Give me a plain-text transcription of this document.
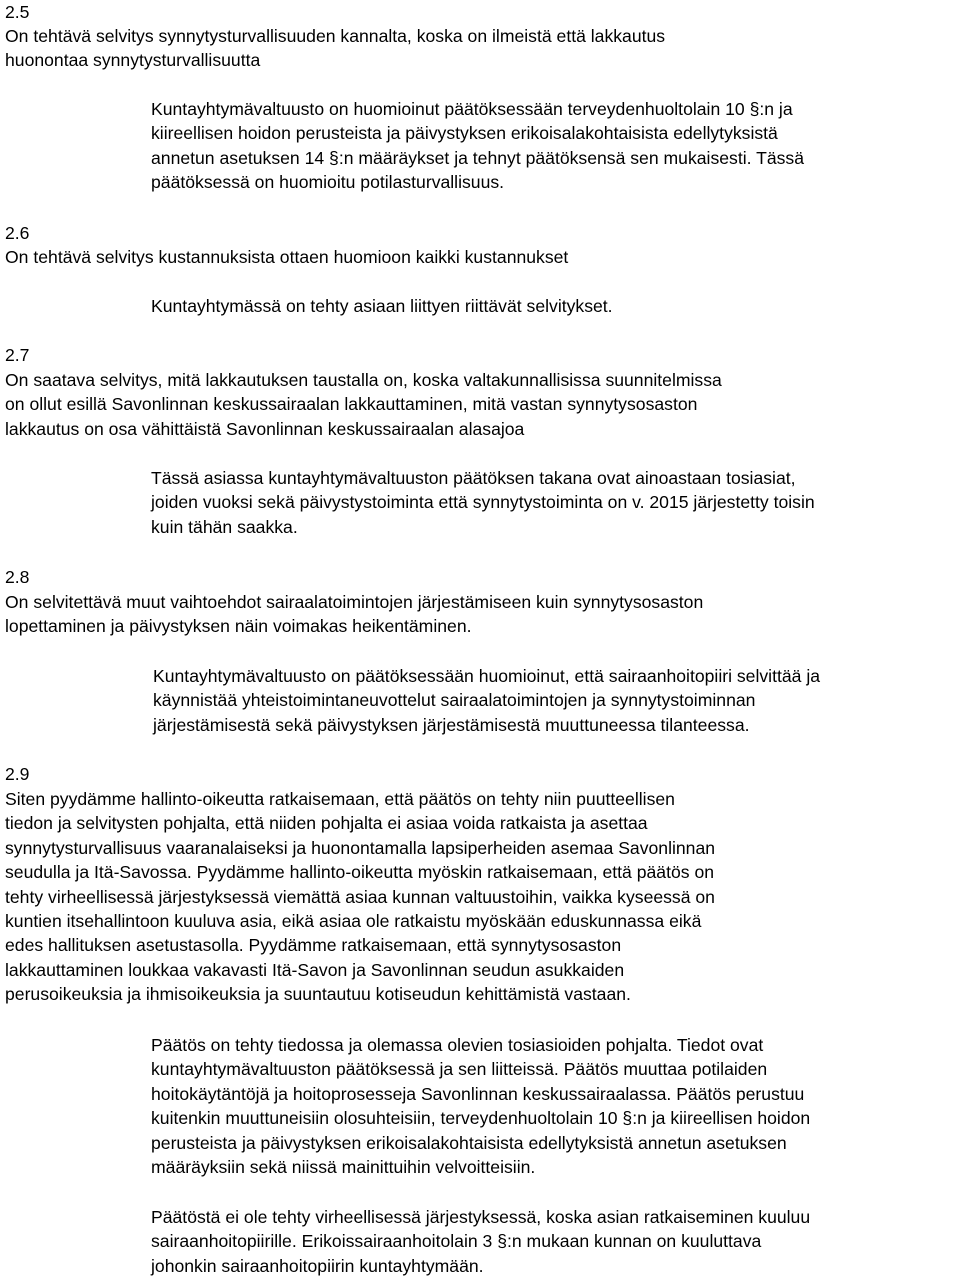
2.5
On tehtävä selvitys synnytysturvallisuuden kannalta, koska on ilmeistä että lakkautus
huonontaa synnytysturvallisuutta
Kuntayhtymävaltuusto on huomioinut päätöksessään terveydenhuoltolain 10 §:n ja
kiireellisen hoidon perusteista ja päivystyksen erikoisalakohtaisista edellytyksistä
annetun asetuksen 14 §:n määräykset ja tehnyt päätöksensä sen mukaisesti. Tässä
päätöksessä on huomioitu potilasturvallisuus.
2.6
On tehtävä selvitys kustannuksista ottaen huomioon kaikki kustannukset
Kuntayhtymässä on tehty asiaan liittyen riittävät selvitykset.
2.7
On saatava selvitys, mitä lakkautuksen taustalla on, koska valtakunnallisissa suunnitelmissa
on ollut esillä Savonlinnan keskussairaalan lakkauttaminen, mitä vastan synnytysosaston
lakkautus on osa vähittäistä Savonlinnan keskussairaalan alasajoa
Tässä asiassa kuntayhtymävaltuuston päätöksen takana ovat ainoastaan tosiasiat,
joiden vuoksi sekä päivystystoiminta että synnytystoiminta on v. 2015 järjestetty toisin
kuin tähän saakka.
2.8
On selvitettävä muut vaihtoehdot sairaalatoimintojen järjestämiseen kuin synnytysosaston
lopettaminen ja päivystyksen näin voimakas heikentäminen.
Kuntayhtymävaltuusto on päätöksessään huomioinut, että sairaanhoitopiiri selvittää ja
käynnistää yhteistoimintaneuvottelut sairaalatoimintojen ja synnytystoiminnan
järjestämisestä sekä päivystyksen järjestämisestä muuttuneessa tilanteessa.
2.9
Siten pyydämme hallinto-oikeutta ratkaisemaan, että päätös on tehty niin puutteellisen
tiedon ja selvitysten pohjalta, että niiden pohjalta ei asiaa voida ratkaista ja asettaa
synnytysturvallisuus vaaranalaiseksi ja huonontamalla lapsiperheiden asemaa Savonlinnan
seudulla ja Itä-Savossa. Pyydämme hallinto-oikeutta myöskin ratkaisemaan, että päätös on
tehty virheellisessä järjestyksessä viemättä asiaa kunnan valtuustoihin, vaikka kyseessä on
kuntien itsehallintoon kuuluva asia, eikä asiaa ole ratkaistu myöskään eduskunnassa eikä
edes hallituksen asetustasolla. Pyydämme ratkaisemaan, että synnytysosaston
lakkauttaminen loukkaa vakavasti Itä-Savon ja Savonlinnan seudun asukkaiden
perusoikeuksia ja ihmisoikeuksia ja suuntautuu kotiseudun kehittämistä vastaan.
Päätös on tehty tiedossa ja olemassa olevien tosiasioiden pohjalta. Tiedot ovat
kuntayhtymävaltuuston päätöksessä ja sen liitteissä. Päätös muuttaa potilaiden
hoitokäytäntöjä ja hoitoprosesseja Savonlinnan keskussairaalassa. Päätös perustuu
kuitenkin muuttuneisiin olosuhteisiin, terveydenhuoltolain 10 §:n ja kiireellisen hoidon
perusteista ja päivystyksen erikoisalakohtaisista edellytyksistä annetun asetuksen
määräyksiin sekä niissä mainittuihin velvoitteisiin.
Päätöstä ei ole tehty virheellisessä järjestyksessä, koska asian ratkaiseminen kuuluu
sairaanhoitopiirille. Erikoissairaanhoitolain 3 §:n mukaan kunnan on kuuluttava
johonkin sairaanhoitopiirin kuntayhtymään.
